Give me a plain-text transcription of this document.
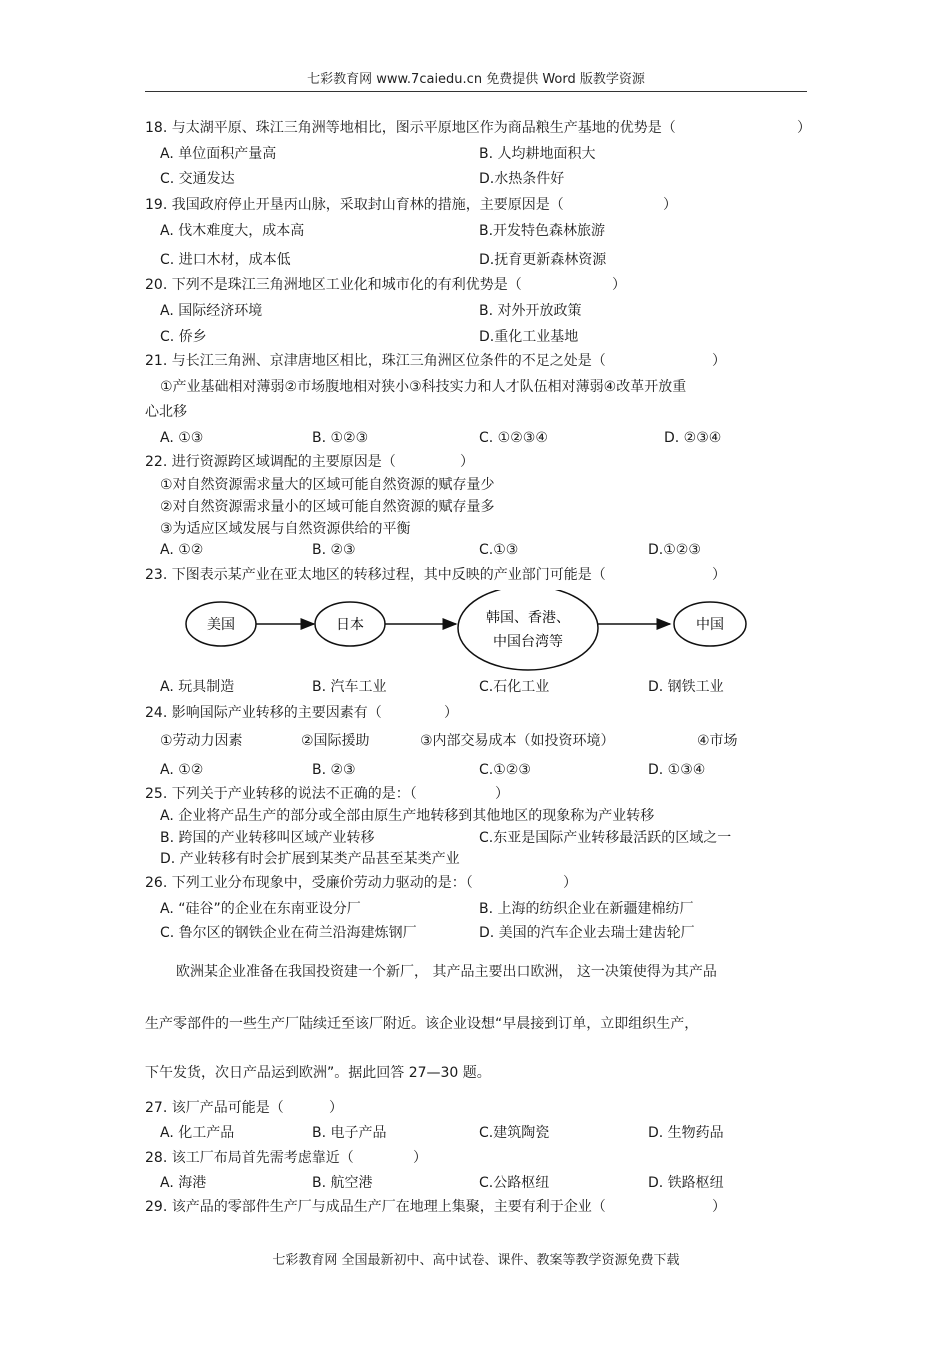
七彩教育网 www.7caiedu.cn 免费提供 Word 版教学资源
18. 与太湖平原、珠江三角洲等地相比，图示平原地区作为商品粮生产基地的优势是（	）
A. 单位面积产量高	B. 人均耕地面积大
C. 交通发达	D.水热条件好
19. 我国政府停止开垦丙山脉，采取封山育林的措施，主要原因是（	）
A. 伐木难度大，成本高	B.开发特色森林旅游
C. 进口木材，成本低	D.抚育更新森林资源
20. 下列不是珠江三角洲地区工业化和城市化的有利优势是（	）
A. 国际经济环境	B. 对外开放政策
C. 侨乡	D.重化工业基地
21. 与长江三角洲、京津唐地区相比，珠江三角洲区位条件的不足之处是（	）
①产业基础相对薄弱②市场腹地相对狭小③科技实力和人才队伍相对薄弱④改革开放重
心北移
A. ①③	B. ①②③	C. ①②③④	D. ②③④
22. 进行资源跨区域调配的主要原因是（	）
①对自然资源需求量大的区域可能自然资源的赋存量少
②对自然资源需求量小的区域可能自然资源的赋存量多
③为适应区域发展与自然资源供给的平衡
A. ①②	B. ②③	C.①③	D.①②③
23. 下图表示某产业在亚太地区的转移过程，其中反映的产业部门可能是（	）
美国	日本	韩国、香港、
中国台湾等
中国
A. 玩具制造	B. 汽车工业	C.石化工业	D. 钢铁工业
24. 影响国际产业转移的主要因素有（	）
①劳动力因素	②国际援助	③内部交易成本（如投资环境）	④市场
A. ①②	B. ②③	C.①②③	D. ①③④
25. 下列关于产业转移的说法不正确的是：（	）
A. 企业将产品生产的部分或全部由原生产地转移到其他地区的现象称为产业转移
B. 跨国的产业转移叫区域产业转移	C.东亚是国际产业转移最活跃的区域之一
D. 产业转移有时会扩展到某类产品甚至某类产业
26. 下列工业分布现象中，受廉价劳动力驱动的是：（	）
A. “硅谷”的企业在东南亚设分厂	B. 上海的纺织企业在新疆建棉纺厂
C. 鲁尔区的钢铁企业在荷兰沿海建炼钢厂	D. 美国的汽车企业去瑞士建齿轮厂
欧洲某企业准备在我国投资建一个新厂， 其产品主要出口欧洲， 这一决策使得为其产品
生产零部件的一些生产厂陆续迁至该厂附近。该企业设想“早晨接到订单，立即组织生产，
下午发货，次日产品运到欧洲”。据此回答 27—30 题。
27. 该厂产品可能是（	）
A. 化工产品	B. 电子产品	C.建筑陶瓷	D. 生物药品
28. 该工厂布局首先需考虑靠近（	）
A. 海港	B. 航空港	C.公路枢纽	D. 铁路枢纽
29. 该产品的零部件生产厂与成品生产厂在地理上集聚，主要有利于企业（	）
七彩教育网 全国最新初中、高中试卷、课件、教案等教学资源免费下载
